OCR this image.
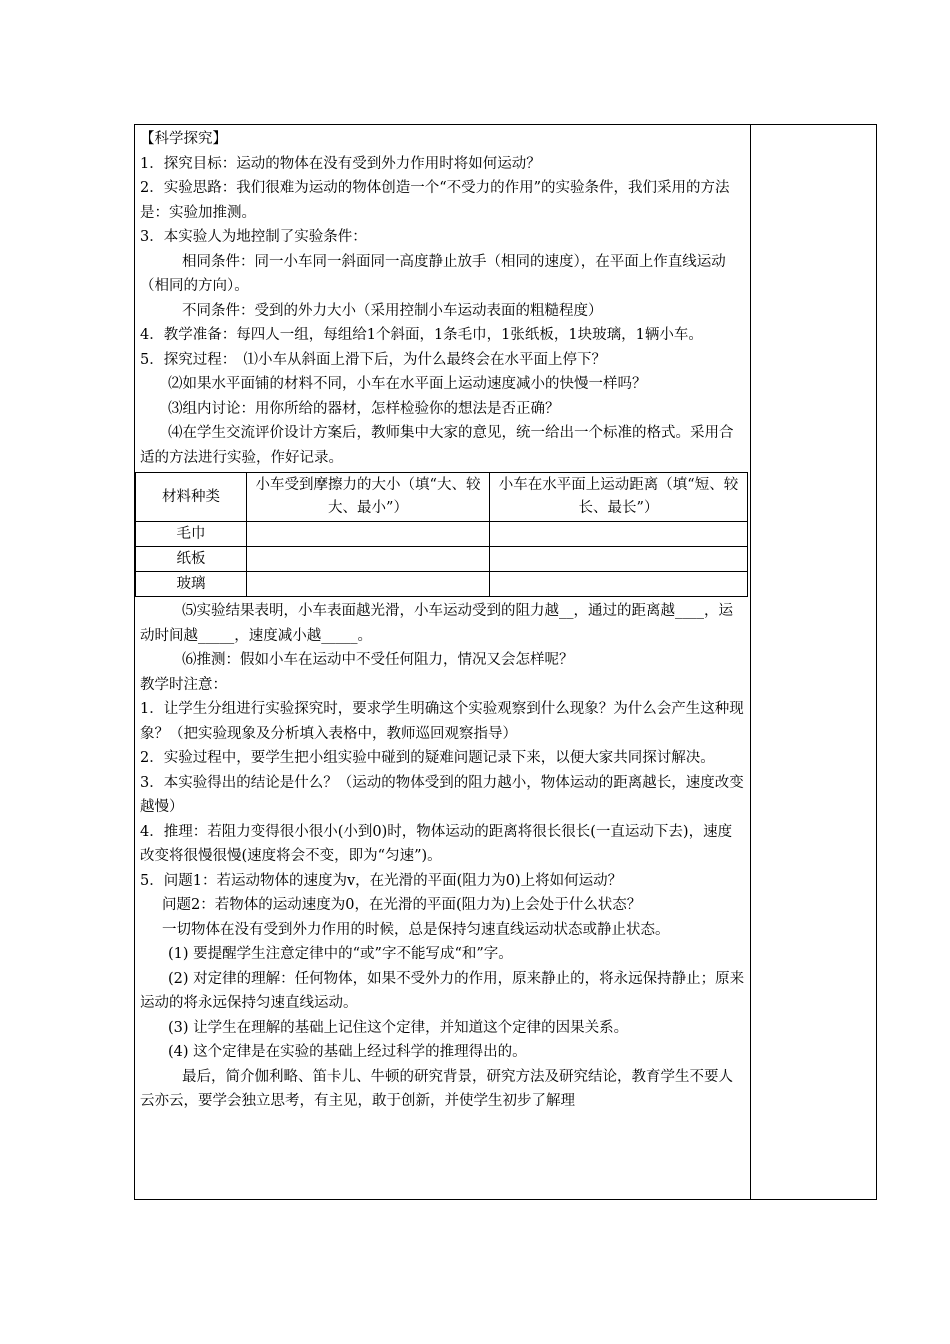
【科学探究】

1．探究目标：运动的物体在没有受到外力作用时将如何运动？

2．实验思路：我们很难为运动的物体创造一个“不受力的作用”的实验条件，我们采用的方法是：实验加推测。

3．本实验人为地控制了实验条件：

相同条件：同一小车同一斜面同一高度静止放手（相同的速度），在平面上作直线运动（相同的方向）。

不同条件：受到的外力大小（采用控制小车运动表面的粗糙程度）

4．教学准备：每四人一组，每组给1个斜面，1条毛巾，1张纸板，1块玻璃，1辆小车。

5．探究过程：　⑴小车从斜面上滑下后，为什么最终会在水平面上停下？

⑵如果水平面铺的材料不同，小车在水平面上运动速度减小的快慢一样吗？

⑶组内讨论：用你所给的器材，怎样检验你的想法是否正确？

⑷在学生交流评价设计方案后，教师集中大家的意见，统一给出一个标准的格式。采用合适的方法进行实验，作好记录。

材料种类	小车受到摩擦力的大小（填“大、较大、最小”）	小车在水平面上运动距离（填“短、较长、最长”）
毛巾		
纸板		
玻璃		

⑸实验结果表明，小车表面越光滑，小车运动受到的阻力越__，通过的距离越____，运动时间越_____，速度减小越_____。

⑹推测：假如小车在运动中不受任何阻力，情况又会怎样呢？

教学时注意：

1．让学生分组进行实验探究时，要求学生明确这个实验观察到什么现象？为什么会产生这种现象？（把实验现象及分析填入表格中，教师巡回观察指导）

2．实验过程中，要学生把小组实验中碰到的疑难问题记录下来，以便大家共同探讨解决。

3．本实验得出的结论是什么？（运动的物体受到的阻力越小，物体运动的距离越长，速度改变越慢）

4．推理：若阻力变得很小很小(小到0)时，物体运动的距离将很长很长(一直运动下去)，速度改变将很慢很慢(速度将会不变，即为“匀速”)。

5．问题1：若运动物体的速度为v，在光滑的平面(阻力为0)上将如何运动？

问题2：若物体的运动速度为0，在光滑的平面(阻力为)上会处于什么状态？

一切物体在没有受到外力作用的时候，总是保持匀速直线运动状态或静止状态。

(1) 要提醒学生注意定律中的“或”字不能写成“和”字。

(2) 对定律的理解：任何物体，如果不受外力的作用，原来静止的，将永远保持静止；原来运动的将永远保持匀速直线运动。

(3) 让学生在理解的基础上记住这个定律，并知道这个定律的因果关系。

(4) 这个定律是在实验的基础上经过科学的推理得出的。

最后，简介伽利略、笛卡儿、牛顿的研究背景，研究方法及研究结论，教育学生不要人云亦云，要学会独立思考，有主见，敢于创新，并使学生初步了解理
